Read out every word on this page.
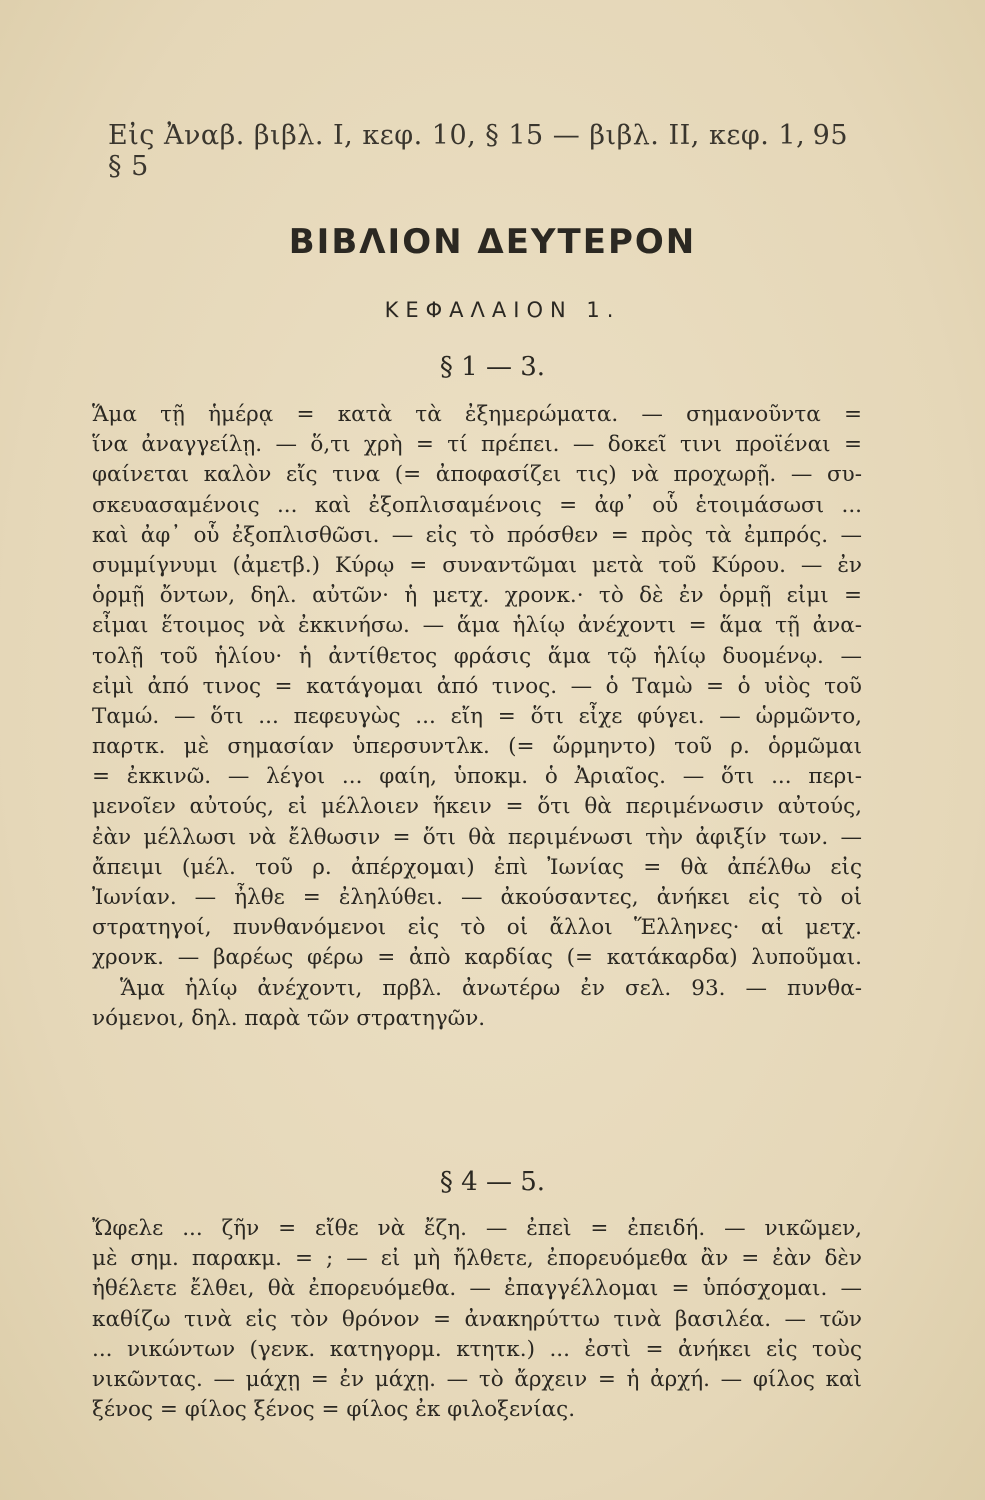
Εἰς Ἀναβ. βιβλ. I, κεφ. 10, § 15 — βιβλ. II, κεφ. 1, § 5
95
ΒΙΒΛΙΟΝ ΔΕΥΤΕΡΟΝ
ΚΕΦΑΛΑΙΟΝ 1.
§ 1 — 3.
Ἅμα τῇ ἡμέρᾳ = κατὰ τὰ ἐξημερώματα. — σημανοῦντα =
ἵνα ἀναγγείλῃ. — ὅ,τι χρὴ = τί πρέπει. — δοκεῖ τινι προϊέναι =
φαίνεται καλὸν εἴς τινα (= ἀποφασίζει τις) νὰ προχωρῇ. — συ-
σκευασαμένοις ... καὶ ἐξοπλισαμένοις = ἀφ᾽ οὗ ἑτοιμάσωσι ...
καὶ ἀφ᾽ οὗ ἐξοπλισθῶσι. — εἰς τὸ πρόσθεν = πρὸς τὰ ἐμπρός. —
συμμίγνυμι (ἀμετβ.) Κύρῳ = συναντῶμαι μετὰ τοῦ Κύρου. — ἐν
ὁρμῇ ὄντων, δηλ. αὐτῶν· ἡ μετχ. χρονκ.· τὸ δὲ ἐν ὁρμῇ εἰμι =
εἶμαι ἕτοιμος νὰ ἐκκινήσω. — ἅμα ἡλίῳ ἀνέχοντι = ἅμα τῇ ἀνα-
τολῇ τοῦ ἡλίου· ἡ ἀντίθετος φράσις ἅμα τῷ ἡλίῳ δυομένῳ. —
εἰμὶ ἀπό τινος = κατάγομαι ἀπό τινος. — ὁ Ταμὼ = ὁ υἱὸς τοῦ
Ταμώ. — ὅτι ... πεφευγὼς ... εἴη = ὅτι εἶχε φύγει. — ὡρμῶντο,
παρτκ. μὲ σημασίαν ὑπερσυντλκ. (= ὥρμηντο) τοῦ ρ. ὁρμῶμαι
= ἐκκινῶ. — λέγοι ... φαίη, ὑποκμ. ὁ Ἀριαῖος. — ὅτι ... περι-
μενοῖεν αὐτούς, εἰ μέλλοιεν ἥκειν = ὅτι θὰ περιμένωσιν αὐτούς,
ἐὰν μέλλωσι νὰ ἔλθωσιν = ὅτι θὰ περιμένωσι τὴν ἀφιξίν των. —
ἄπειμι (μέλ. τοῦ ρ. ἀπέρχομαι) ἐπὶ Ἰωνίας = θὰ ἀπέλθω εἰς
Ἰωνίαν. — ἦλθε = ἐληλύθει. — ἀκούσαντες, ἀνήκει εἰς τὸ οἱ
στρατηγοί, πυνθανόμενοι εἰς τὸ οἱ ἄλλοι Ἕλληνες· αἱ μετχ.
χρονκ. — βαρέως φέρω = ἀπὸ καρδίας (= κατάκαρδα) λυποῦμαι.
Ἅμα ἡλίῳ ἀνέχοντι, πρβλ. ἀνωτέρω ἐν σελ. 93. — πυνθα-
νόμενοι, δηλ. παρὰ τῶν στρατηγῶν.
§ 4 — 5.
Ὤφελε ... ζῆν = εἴθε νὰ ἔζη. — ἐπεὶ = ἐπειδή. — νικῶμεν,
μὲ σημ. παρακμ. = ; — εἰ μὴ ἤλθετε, ἐπορευόμεθα ἂν = ἐὰν δὲν
ἠθέλετε ἔλθει, θὰ ἐπορευόμεθα. — ἐπαγγέλλομαι = ὑπόσχομαι. —
καθίζω τινὰ εἰς τὸν θρόνον = ἀνακηρύττω τινὰ βασιλέα. — τῶν
... νικώντων (γενκ. κατηγορμ. κτητκ.) ... ἐστὶ = ἀνήκει εἰς τοὺς
νικῶντας. — μάχῃ = ἐν μάχῃ. — τὸ ἄρχειν = ἡ ἀρχή. — φίλος καὶ
ξένος = φίλος ξένος = φίλος ἐκ φιλοξενίας.
